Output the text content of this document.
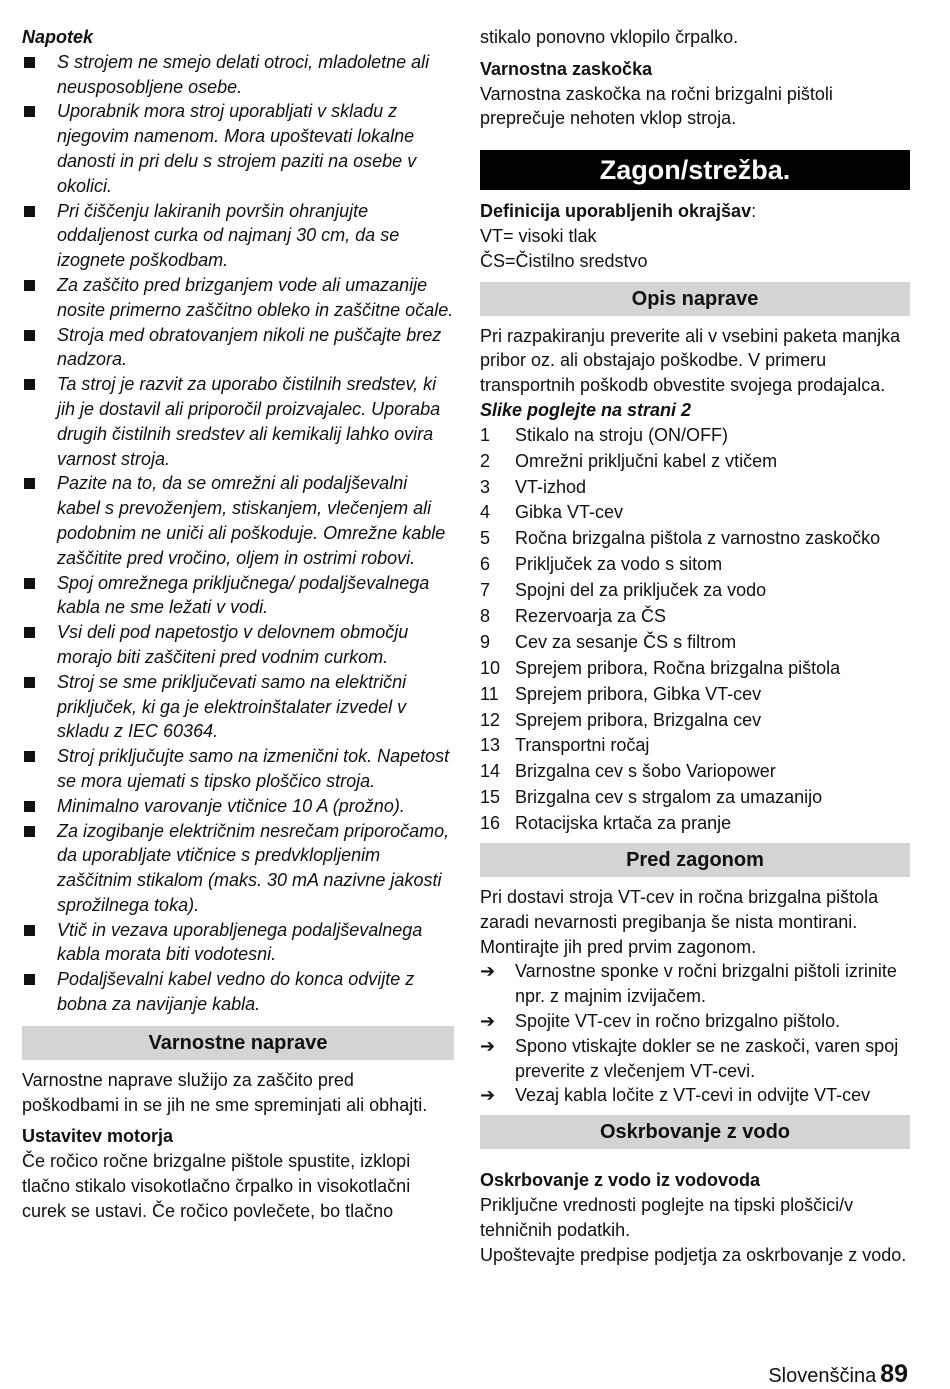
Napotek

S strojem ne smejo delati otroci, mladoletne ali neusposobljene osebe.
Uporabnik mora stroj uporabljati v skladu z njegovim namenom. Mora upoštevati lokalne danosti in pri delu s strojem paziti na osebe v okolici.
Pri čiščenju lakiranih površin ohranjujte oddaljenost curka od najmanj 30 cm, da se izognete poškodbam.
Za zaščito pred brizganjem vode ali umazanije nosite primerno zaščitno obleko in zaščitne očale.
Stroja med obratovanjem nikoli ne puščajte brez nadzora.
Ta stroj je razvit za uporabo čistilnih sredstev, ki jih je dostavil ali priporočil proizvajalec. Uporaba drugih čistilnih sredstev ali kemikalij lahko ovira varnost stroja.
Pazite na to, da se omrežni ali podaljševalni kabel s prevoženjem, stiskanjem, vlečenjem ali podobnim ne uniči ali poškoduje. Omrežne kable zaščitite pred vročino, oljem in ostrimi robovi.
Spoj omrežnega priključnega/ podaljševalnega kabla ne sme ležati v vodi.
Vsi deli pod napetostjo v delovnem območju morajo biti zaščiteni pred vodnim curkom.
Stroj se sme priključevati samo na električni priključek, ki ga je elektroinštalater izvedel v skladu z IEC 60364.
Stroj priključujte samo na izmenični tok. Napetost se mora ujemati s tipsko ploščico stroja.
Minimalno varovanje vtičnice 10 A (prožno).
Za izogibanje električnim nesrečam priporočamo, da uporabljate vtičnice s predvklopljenim zaščitnim stikalom (maks. 30 mA nazivne jakosti sprožilnega toka).
Vtič in vezava uporabljenega podaljševalnega kabla morata biti vodotesni.
Podaljševalni kabel vedno do konca odvijte z bobna za navijanje kabla.
Varnostne naprave

Varnostne naprave služijo za zaščito pred poškodbami in se jih ne sme spreminjati ali obhajti.

Ustavitev motorja

Če ročico ročne brizgalne pištole spustite, izklopi tlačno stikalo visokotlačno črpalko in visokotlačni curek se ustavi. Če ročico povlečete, bo tlačno

stikalo ponovno vklopilo črpalko.

Varnostna zaskočka

Varnostna zaskočka na ročni brizgalni pištoli preprečuje nehoten vklop stroja.

Zagon/strežba.

Definicija uporabljenih okrajšav:

VT= visoki tlak

ČS=Čistilno sredstvo

Opis naprave

Pri razpakiranju preverite ali v vsebini paketa manjka pribor oz. ali obstajajo poškodbe. V primeru transportnih poškodb obvestite svojega prodajalca.

Slike poglejte na strani 2

1 Stikalo na stroju (ON/OFF)
2 Omrežni priključni kabel z vtičem
3 VT-izhod
4 Gibka VT-cev
5 Ročna brizgalna pištola z varnostno zaskočko
6 Priključek za vodo s sitom
7 Spojni del za priključek za vodo
8 Rezervoarja za ČS
9 Cev za sesanje ČS s filtrom
10 Sprejem pribora, Ročna brizgalna pištola
11 Sprejem pribora, Gibka VT-cev
12 Sprejem pribora, Brizgalna cev
13 Transportni ročaj
14 Brizgalna cev s šobo Variopower
15 Brizgalna cev s strgalom za umazanijo
16 Rotacijska krtača za pranje
Pred zagonom

Pri dostavi stroja VT-cev in ročna brizgalna pištola zaradi nevarnosti pregibanja še nista montirani. Montirajte jih pred prvim zagonom.

➔ Varnostne sponke v ročni brizgalni pištoli izrinite npr. z majnim izvijačem.
➔ Spojite VT-cev in ročno brizgalno pištolo.
➔ Spono vtiskajte dokler se ne zaskoči, varen spoj preverite z vlečenjem VT-cevi.
➔ Vezaj kabla ločite z VT-cevi in odvijte VT-cev
Oskrbovanje z vodo

Oskrbovanje z vodo iz vodovoda

Priključne vrednosti poglejte na tipski ploščici/v tehničnih podatkih.

Upoštevajte predpise podjetja za oskrbovanje z vodo.

Slovenščina 89
